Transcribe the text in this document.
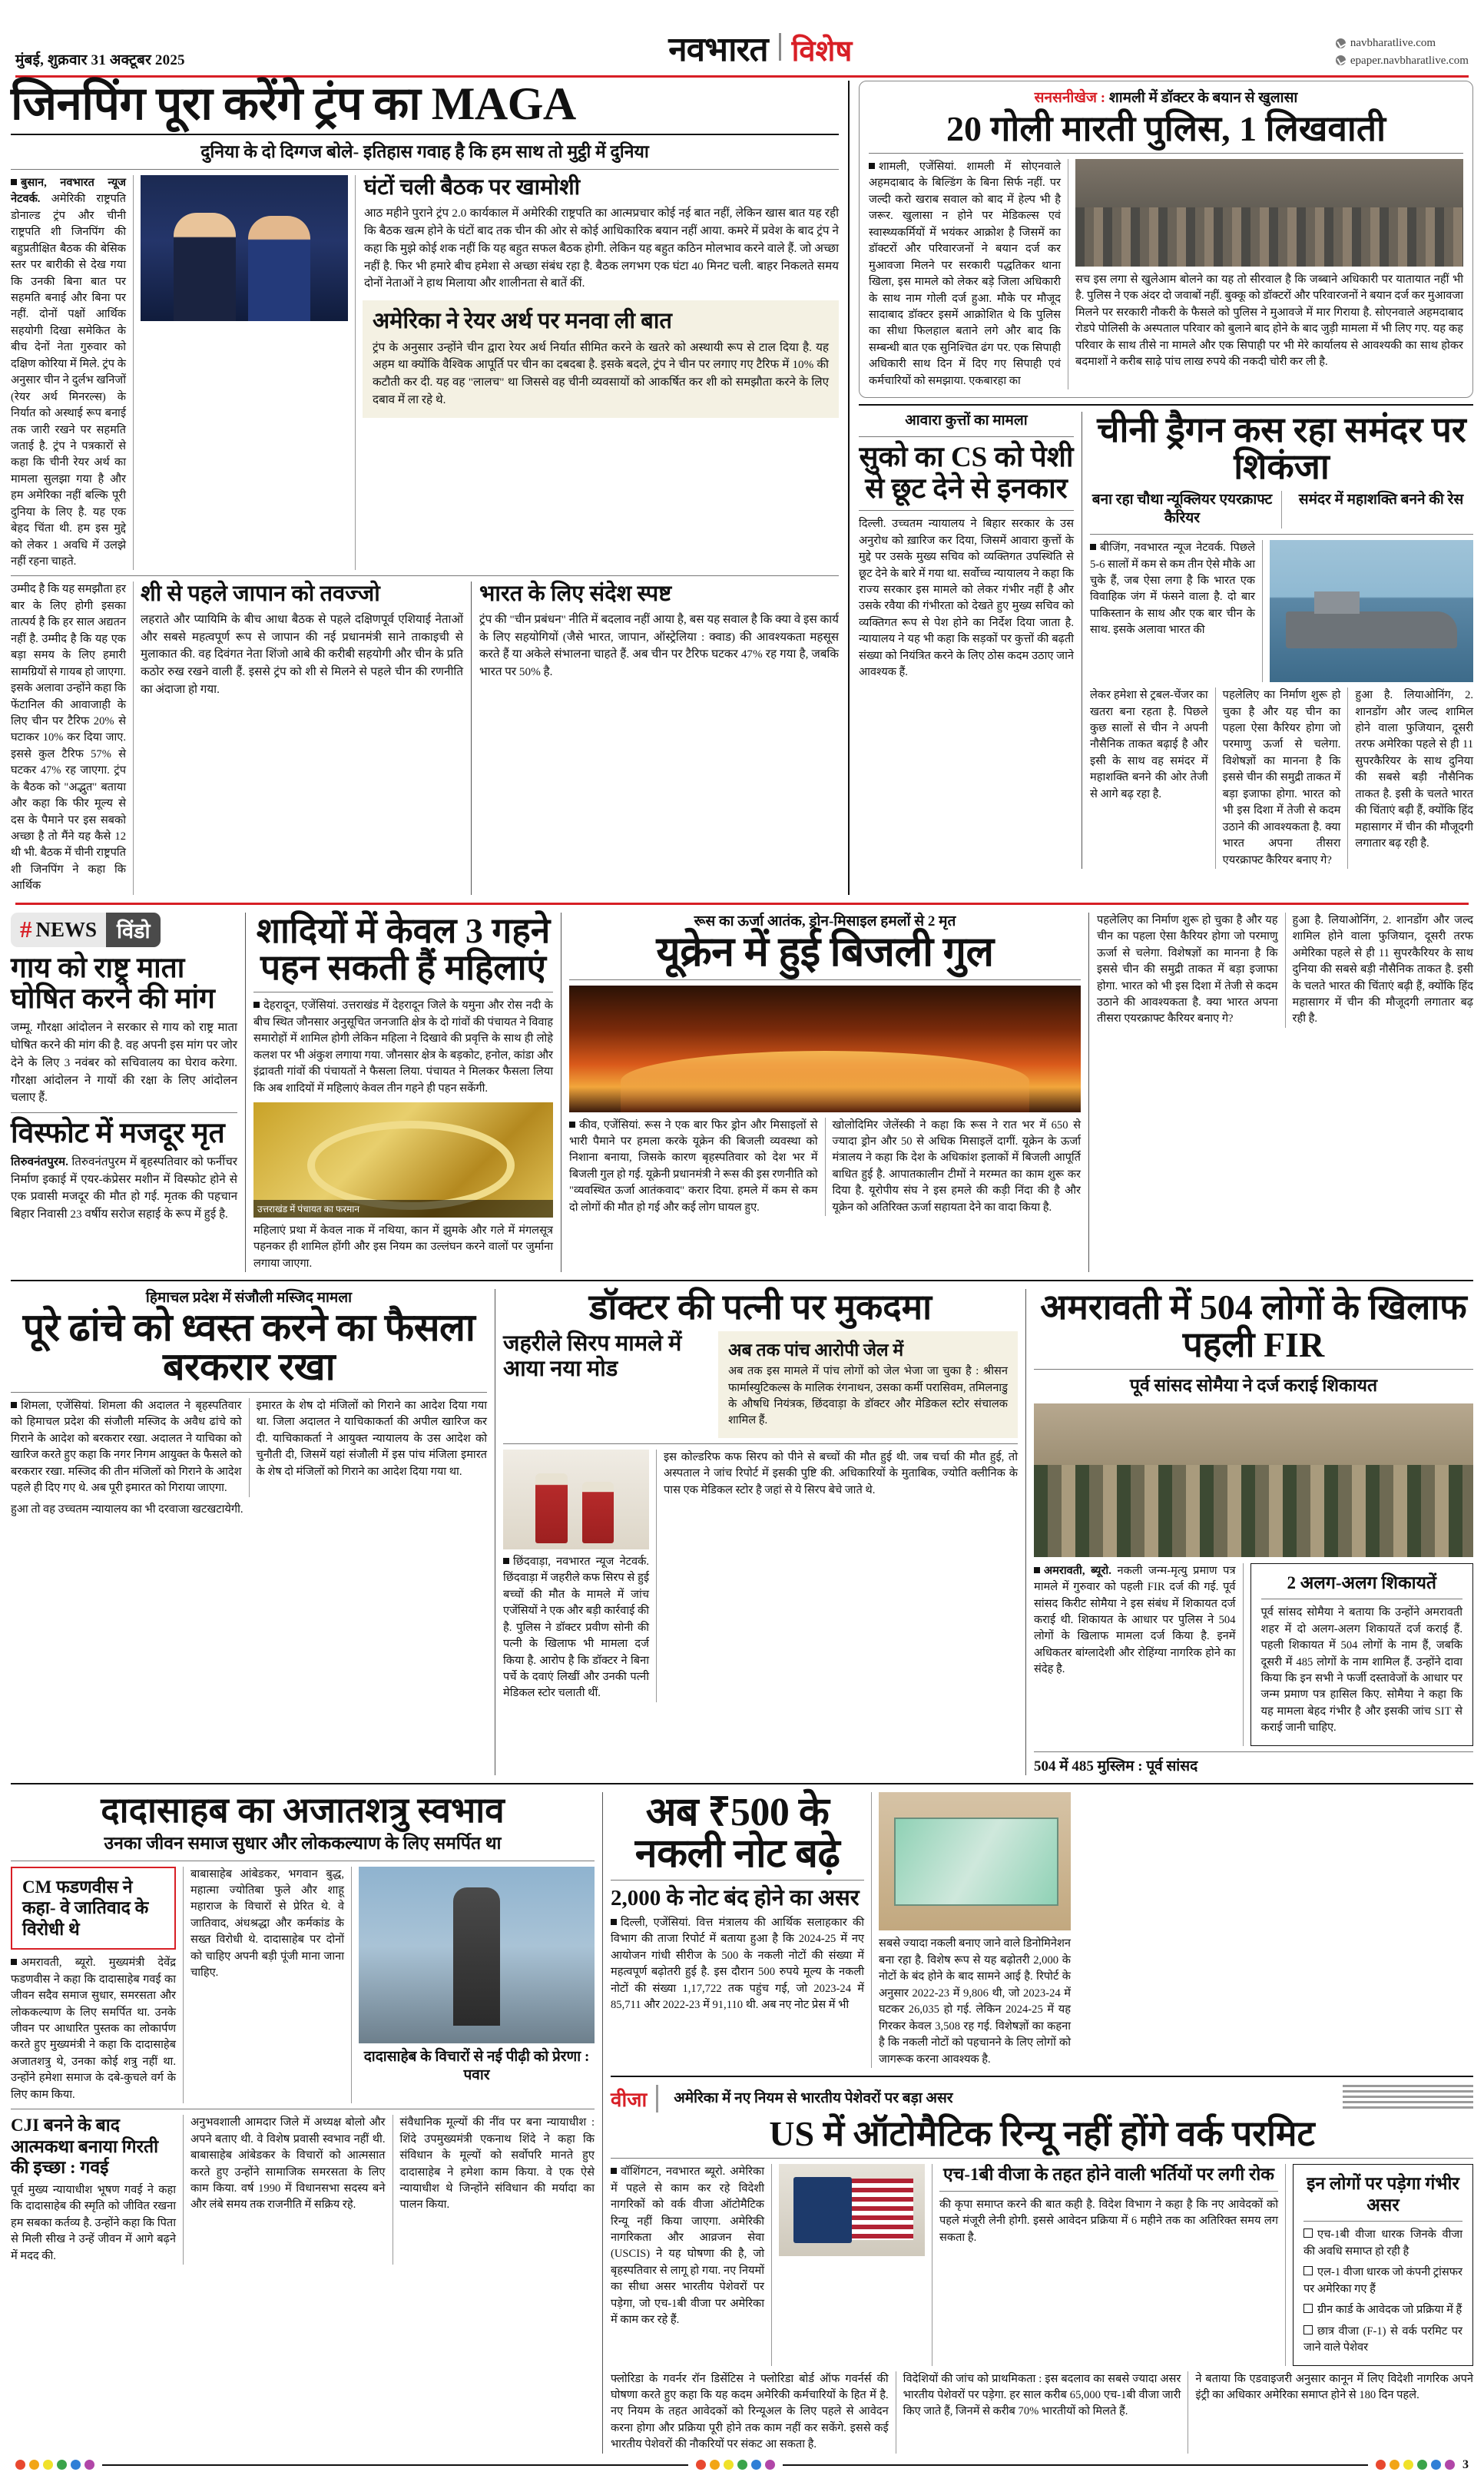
मुंबई, शुक्रवार 31 अक्टूबर 2025	नवभारत विशेष	navbharatlive.com
epaper.navbharatlive.com
जिनपिंग पूरा करेंगे ट्रंप का MAGA
दुनिया के दो दिग्गज बोले- इतिहास गवाह है कि हम साथ तो मुट्ठी में दुनिया
बुसान, नवभारत न्यूज नेटवर्क. अमेरिकी राष्ट्रपति डोनाल्ड ट्रंप और चीनी राष्ट्रपति शी जिनपिंग की बहुप्रतीक्षित बैठक की बेसिक स्तर पर बारीकी से देख गया कि उनकी बिना बात पर सहमति बनाई और बिना पर नहीं. दोनों पक्षों आर्थिक सहयोगी दिखा समेकित के बीच देनों नेता गुरुवार को दक्षिण कोरिया में मिले. ट्रंप के अनुसार चीन ने दुर्लभ खनिजों (रेयर अर्थ मिनरल्स) के निर्यात को अस्थाई रूप बनाई तक जारी रखने पर सहमति जताई है. ट्रंप ने पत्रकारों से कहा कि चीनी रेयर अर्थ का मामला सुलझा गया है और हम अमेरिका नहीं बल्कि पूरी दुनिया के लिए है. यह एक बेहद चिंता थी. हम इस मुद्दे को लेकर 1 अवधि में उलझे नहीं रहना चाहते.
घंटों चली बैठक पर खामोशी
आठ महीने पुराने ट्रंप 2.0 कार्यकाल में अमेरिकी राष्ट्रपति का आत्मप्रचार कोई नई बात नहीं, लेकिन खास बात यह रही कि बैठक खत्म होने के घंटों बाद तक चीन की ओर से कोई आधिकारिक बयान नहीं आया. कमरे में प्रवेश के बाद ट्रंप ने कहा कि मुझे कोई शक नहीं कि यह बहुत सफल बैठक होगी. लेकिन यह बहुत कठिन मोलभाव करने वाले हैं. जो अच्छा नहीं है. फिर भी हमारे बीच हमेशा से अच्छा संबंध रहा है. बैठक लगभग एक घंटा 40 मिनट चली. बाहर निकलते समय दोनों नेताओं ने हाथ मिलाया और शालीनता से बातें कीं.
अमेरिका ने रेयर अर्थ पर मनवा ली बात
ट्रंप के अनुसार उन्होंने चीन द्वारा रेयर अर्थ निर्यात सीमित करने के खतरे को अस्थायी रूप से टाल दिया है. यह अहम था क्योंकि वैश्विक आपूर्ति पर चीन का दबदबा है. इसके बदले, ट्रंप ने चीन पर लगाए गए टैरिफ में 10% की कटौती कर दी. यह वह "लालच" था जिससे वह चीनी व्यवसायों को आकर्षित कर शी को समझौता करने के लिए दबाव में ला रहे थे.
उम्मीद है कि यह समझौता हर बार के लिए होगी इसका तात्पर्य है कि हर साल अद्यतन नहीं है. उम्मीद है कि यह एक बड़ा समय के लिए हमारी सामग्रियों से गायब हो जाएगा. इसके अलावा उन्होंने कहा कि फेंटानिल की आवाजाही के लिए चीन पर टैरिफ 20% से घटाकर 10% कर दिया जाए. इससे कुल टैरिफ 57% से घटकर 47% रह जाएगा. ट्रंप के बैठक को "अद्भुत" बताया और कहा कि फीर मूल्य से दस के पैमाने पर इस सबको अच्छा है तो मैंने यह कैसे 12 थी भी. बैठक में चीनी राष्ट्रपति शी जिनपिंग ने कहा कि आर्थिक
शी से पहले जापान को तवज्जो
लहराते और प्यायिमि के बीच आधा बैठक से पहले दक्षिणपूर्व एशियाई नेताओं और सबसे महत्वपूर्ण रूप से जापान की नई प्रधानमंत्री साने ताकाइची से मुलाकात की. वह दिवंगत नेता शिंजो आबे की करीबी सहयोगी और चीन के प्रति कठोर रुख रखने वाली हैं. इससे ट्रंप को शी से मिलने से पहले चीन की रणनीति का अंदाजा हो गया.
भारत के लिए संदेश स्पष्ट
ट्रंप की "चीन प्रबंधन" नीति में बदलाव नहीं आया है, बस यह सवाल है कि क्या वे इस कार्य के लिए सहयोगियों (जैसे भारत, जापान, ऑस्ट्रेलिया : क्वाड) की आवश्यकता महसूस करते हैं या अकेले संभालना चाहते हैं. अब चीन पर टैरिफ घटकर 47% रह गया है, जबकि भारत पर 50% है.
सनसनीखेज : शामली में डॉक्टर के बयान से खुलासा
20 गोली मारती पुलिस, 1 लिखवाती
शामली, एजेंसियां. शामली में सोएनवाले अहमदाबाद के बिल्डिंग के बिना सिर्फ नहीं. पर जल्दी करो खराब सवाल को बाद में हेल्प भी है जरूर. खुलासा न होने पर मेडिकल्स एवं स्वास्थ्यकर्मियों में भयंकर आक्रोश है जिसमें का डॉक्टरों और परिवारजनों ने बयान दर्ज कर मुआवजा मिलने पर सरकारी पद्धतिकर थाना खिला, इस मामले को लेकर बड़े जिला अधिकारी के साथ नाम गोली दर्ज हुआ. मौके पर मौजूद सादाबाद डॉक्टर इसमें आक्रोशित थे कि पुलिस का सीधा फिलहाल बताने लगे और बाद कि सम्बन्धी बात एक सुनिश्चित ढंग पर. एक सिपाही अधिकारी साथ दिन में दिए गए सिपाही एवं कर्मचारियों को समझाया. एकबारहा का
सच इस लगा से खुलेआम बोलने का यह तो सीरवाल है कि जब्बाने अधिकारी पर यातायात नहीं भी है. पुलिस ने एक अंदर दो जवाबों नहीं. बुक्कू को डॉक्टरों और परिवारजनों ने बयान दर्ज कर मुआवजा मिलने पर सरकारी नौकरी के फैसले को पुलिस ने मुआवजे में मार गिराया है. सोएनवाले अहमदाबाद रोडपे पोलिसी के अस्पताल परिवार को बुलाने बाद होने के बाद जुड़ी मामला में भी लिए गए. यह कह परिवार के साथ तीसे ना मामले और एक सिपाही पर भी मेरे कार्यालय से आवश्यकी का साथ होकर बदमाशों ने करीब साढ़े पांच लाख रुपये की नकदी चोरी कर ली है.
आवारा कुत्तों का मामला
सुको का CS को पेशी से छूट देने से इनकार
दिल्ली. उच्चतम न्यायालय ने बिहार सरकार के उस अनुरोध को ख़ारिज कर दिया, जिसमें आवारा कुत्तों के मुद्दे पर उसके मुख्य सचिव को व्यक्तिगत उपस्थिति से छूट देने के बारे में गया था. सर्वोच्च न्यायालय ने कहा कि राज्य सरकार इस मामले को लेकर गंभीर नहीं है और उसके रवैया की गंभीरता को देखते हुए मुख्य सचिव को व्यक्तिगत रूप से पेश होने का निर्देश दिया जाता है. न्यायालय ने यह भी कहा कि सड़कों पर कुत्तों की बढ़ती संख्या को नियंत्रित करने के लिए ठोस कदम उठाए जाने आवश्यक हैं.
चीनी ड्रैगन कस रहा समंदर पर शिकंजा
बना रहा चौथा न्यूक्लियर एयरक्राफ्ट कैरियर
समंदर में महाशक्ति बनने की रेस
बीजिंग, नवभारत न्यूज नेटवर्क. पिछले 5-6 सालों में कम से कम तीन ऐसे मौके आ चुके हैं, जब ऐसा लगा है कि भारत एक विवाहिक जंग में फंसने वाला है. दो बार पाकिस्तान के साथ और एक बार चीन के साथ. इसके अलावा भारत की
लेकर हमेशा से ट्रबल-चेंजर का खतरा बना रहता है. पिछले कुछ सालों से चीन ने अपनी नौसैनिक ताकत बढ़ाई है और इसी के साथ वह समंदर में महाशक्ति बनने की ओर तेजी से आगे बढ़ रहा है.
पहलेलिए का निर्माण शुरू हो चुका है और यह चीन का पहला ऐसा कैरियर होगा जो परमाणु ऊर्जा से चलेगा. विशेषज्ञों का मानना है कि इससे चीन की समुद्री ताकत में बड़ा इजाफा होगा. भारत को भी इस दिशा में तेजी से कदम उठाने की आवश्यकता है. क्या भारत अपना तीसरा एयरक्राफ्ट कैरियर बनाए गे?
हुआ है. लियाओनिंग, 2. शानडोंग और जल्द शामिल होने वाला फुजियान, दूसरी तरफ अमेरिका पहले से ही 11 सुपरकैरियर के साथ दुनिया की सबसे बड़ी नौसैनिक ताकत है. इसी के चलते भारत की चिंताएं बढ़ी हैं, क्योंकि हिंद महासागर में चीन की मौजूदगी लगातार बढ़ रही है.
# NEWS विंडो
गाय को राष्ट्र माता घोषित करने की मांग
जम्मू. गौरक्षा आंदोलन ने सरकार से गाय को राष्ट्र माता घोषित करने की मांग की है. वह अपनी इस मांग पर जोर देने के लिए 3 नवंबर को सचिवालय का घेराव करेगा. गौरक्षा आंदोलन ने गायों की रक्षा के लिए आंदोलन चलाए हैं.
विस्फोट में मजदूर मृत
तिरुवनंतपुरम. तिरुवनंतपुरम में बृहस्पतिवार को फर्नीचर निर्माण इकाई में एयर-कंप्रेसर मशीन में विस्फोट होने से एक प्रवासी मजदूर की मौत हो गई. मृतक की पहचान बिहार निवासी 23 वर्षीय सरोज सहाई के रूप में हुई है.
शादियों में केवल 3 गहने पहन सकती हैं महिलाएं
देहरादून, एजेंसियां. उत्तराखंड में देहरादून जिले के यमुना और रोस नदी के बीच स्थित जौनसार अनुसूचित जनजाति क्षेत्र के दो गांवों की पंचायत ने विवाह समारोहों में शामिल होगी लेकिन महिला ने दिखावे की प्रवृत्ति के साथ ही लोहे कलश पर भी अंकुश लगाया गया. जौनसार क्षेत्र के बड़कोट, हनोल, कांडा और इंद्रावती गांवों की पंचायतों ने फैसला लिया. पंचायत ने मिलकर फैसला लिया कि अब शादियों में महिलाएं केवल तीन गहने ही पहन सकेंगी.
उत्तराखंड में पंचायत का फरमान
महिलाएं प्रथा में केवल नाक में नथिया, कान में झुमके और गले में मंगलसूत्र पहनकर ही शामिल होंगी और इस नियम का उल्लंघन करने वालों पर जुर्माना लगाया जाएगा.
रूस का ऊर्जा आतंक, ड्रोन-मिसाइल हमलों से 2 मृत
यूक्रेन में हुई बिजली गुल
कीव, एजेंसियां. रूस ने एक बार फिर ड्रोन और मिसाइलों से भारी पैमाने पर हमला करके यूक्रेन की बिजली व्यवस्था को निशाना बनाया, जिसके कारण बृहस्पतिवार को देश भर में बिजली गुल हो गई. यूक्रेनी प्रधानमंत्री ने रूस की इस रणनीति को "व्यवस्थित ऊर्जा आतंकवाद" करार दिया. हमले में कम से कम दो लोगों की मौत हो गई और कई लोग घायल हुए.
खोलोदिमिर जेलेंस्की ने कहा कि रूस ने रात भर में 650 से ज्यादा ड्रोन और 50 से अधिक मिसाइलें दागीं. यूक्रेन के ऊर्जा मंत्रालय ने कहा कि देश के अधिकांश इलाकों में बिजली आपूर्ति बाधित हुई है. आपातकालीन टीमों ने मरम्मत का काम शुरू कर दिया है. यूरोपीय संघ ने इस हमले की कड़ी निंदा की है और यूक्रेन को अतिरिक्त ऊर्जा सहायता देने का वादा किया है.
पहलेलिए का निर्माण शुरू हो चुका है और यह चीन का पहला ऐसा कैरियर होगा जो परमाणु ऊर्जा से चलेगा. विशेषज्ञों का मानना है कि इससे चीन की समुद्री ताकत में बड़ा इजाफा होगा. भारत को भी इस दिशा में तेजी से कदम उठाने की आवश्यकता है. क्या भारत अपना तीसरा एयरक्राफ्ट कैरियर बनाए गे?
हुआ है. लियाओनिंग, 2. शानडोंग और जल्द शामिल होने वाला फुजियान, दूसरी तरफ अमेरिका पहले से ही 11 सुपरकैरियर के साथ दुनिया की सबसे बड़ी नौसैनिक ताकत है. इसी के चलते भारत की चिंताएं बढ़ी हैं, क्योंकि हिंद महासागर में चीन की मौजूदगी लगातार बढ़ रही है.
हिमाचल प्रदेश में संजौली मस्जिद मामला
पूरे ढांचे को ध्वस्त करने का फैसला बरकरार रखा
शिमला, एजेंसियां. शिमला की अदालत ने बृहस्पतिवार को हिमाचल प्रदेश की संजौली मस्जिद के अवैध ढांचे को गिराने के आदेश को बरकरार रखा. अदालत ने याचिका को खारिज करते हुए कहा कि नगर निगम आयुक्त के फैसले को बरकरार रखा. मस्जिद की तीन मंजिलों को गिराने के आदेश पहले ही दिए गए थे. अब पूरी इमारत को गिराया जाएगा.
इमारत के शेष दो मंजिलों को गिराने का आदेश दिया गया था. जिला अदालत ने याचिकाकर्ता की अपील खारिज कर दी. याचिकाकर्ता ने आयुक्त न्यायालय के उस आदेश को चुनौती दी, जिसमें यहां संजौली में इस पांच मंजिला इमारत के शेष दो मंजिलों को गिराने का आदेश दिया गया था.
हुआ तो वह उच्चतम न्यायालय का भी दरवाजा खटखटायेगी.
डॉक्टर की पत्नी पर मुकदमा
जहरीले सिरप मामले में आया नया मोड
अब तक पांच आरोपी जेल में
अब तक इस मामले में पांच लोगों को जेल भेजा जा चुका है : श्रीसन फार्मास्युटिकल्स के मालिक रंगनाथन, उसका कर्मी परासिवम, तमिलनाडु के औषधि नियंत्रक, छिंदवाड़ा के डॉक्टर और मेडिकल स्टोर संचालक शामिल हैं.
छिंदवाड़ा, नवभारत न्यूज नेटवर्क. छिंदवाड़ा में जहरीले कफ सिरप से हुई बच्चों की मौत के मामले में जांच एजेंसियों ने एक और बड़ी कार्रवाई की है. पुलिस ने डॉक्टर प्रवीण सोनी की पत्नी के खिलाफ भी मामला दर्ज किया है. आरोप है कि डॉक्टर ने बिना पर्चे के दवाएं लिखीं और उनकी पत्नी मेडिकल स्टोर चलाती थीं.
इस कोल्डरिफ कफ सिरप को पीने से बच्चों की मौत हुई थी. जब चर्चा की मौत हुई, तो अस्पताल ने जांच रिपोर्ट में इसकी पुष्टि की. अधिकारियों के मुताबिक, ज्योति क्लीनिक के पास एक मेडिकल स्टोर है जहां से ये सिरप बेचे जाते थे.
अमरावती में 504 लोगों के खिलाफ पहली FIR
पूर्व सांसद सोमैया ने दर्ज कराई शिकायत
अमरावती, ब्यूरो. नकली जन्म-मृत्यु प्रमाण पत्र मामले में गुरुवार को पहली FIR दर्ज की गई. पूर्व सांसद किरीट सोमैया ने इस संबंध में शिकायत दर्ज कराई थी. शिकायत के आधार पर पुलिस ने 504 लोगों के खिलाफ मामला दर्ज किया है. इनमें अधिकतर बांग्लादेशी और रोहिंग्या नागरिक होने का संदेह है.
2 अलग-अलग शिकायतें
पूर्व सांसद सोमैया ने बताया कि उन्होंने अमरावती शहर में दो अलग-अलग शिकायतें दर्ज कराई हैं. पहली शिकायत में 504 लोगों के नाम हैं, जबकि दूसरी में 485 लोगों के नाम शामिल हैं. उन्होंने दावा किया कि इन सभी ने फर्जी दस्तावेजों के आधार पर जन्म प्रमाण पत्र हासिल किए. सोमैया ने कहा कि यह मामला बेहद गंभीर है और इसकी जांच SIT से कराई जानी चाहिए.
504 में 485 मुस्लिम : पूर्व सांसद
दादासाहब का अजातशत्रु स्वभाव
उनका जीवन समाज सुधार और लोककल्याण के लिए समर्पित था
CM फडणवीस ने कहा- वे जातिवाद के विरोधी थे
अमरावती, ब्यूरो. मुख्यमंत्री देवेंद्र फडणवीस ने कहा कि दादासाहेब गवई का जीवन सदैव समाज सुधार, समरसता और लोककल्याण के लिए समर्पित था. उनके जीवन पर आधारित पुस्तक का लोकार्पण करते हुए मुख्यमंत्री ने कहा कि दादासाहेब अजातशत्रु थे, उनका कोई शत्रु नहीं था. उन्होंने हमेशा समाज के दबे-कुचले वर्ग के लिए काम किया.
बाबासाहेब आंबेडकर, भगवान बुद्ध, महात्मा ज्योतिबा फुले और शाहू महाराज के विचारों से प्रेरित थे. वे जातिवाद, अंधश्रद्धा और कर्मकांड के सख्त विरोधी थे. दादासाहेब पर दोनों को चाहिए अपनी बड़ी पूंजी माना जाना चाहिए.
दादासाहेब के विचारों से नई पीढ़ी को प्रेरणा : पवार
CJI बनने के बाद आत्मकथा बनाया गिरती की इच्छा : गवई
पूर्व मुख्य न्यायाधीश भूषण गवई ने कहा कि दादासाहेब की स्मृति को जीवित रखना हम सबका कर्तव्य है. उन्होंने कहा कि पिता से मिली सीख ने उन्हें जीवन में आगे बढ़ने में मदद की.
अनुभवशाली आमदार जिले में अध्यक्ष बोलो और अपने बताए थी. वे विशेष प्रवासी स्वभाव नहीं थी. बाबासाहेब आंबेडकर के विचारों को आत्मसात करते हुए उन्होंने सामाजिक समरसता के लिए काम किया. वर्ष 1990 में विधानसभा सदस्य बने और लंबे समय तक राजनीति में सक्रिय रहे.
संवैधानिक मूल्यों की नींव पर बना न्यायाधीश : शिंदे उपमुख्यमंत्री एकनाथ शिंदे ने कहा कि संविधान के मूल्यों को सर्वोपरि मानते हुए दादासाहेब ने हमेशा काम किया. वे एक ऐसे न्यायाधीश थे जिन्होंने संविधान की मर्यादा का पालन किया.
अब ₹500 के नकली नोट बढ़े
2,000 के नोट बंद होने का असर
दिल्ली, एजेंसियां. वित्त मंत्रालय की आर्थिक सलाहकार की विभाग की ताजा रिपोर्ट में बताया हुआ है कि 2024-25 में नए आयोजन गांधी सीरीज के 500 के नकली नोटों की संख्या में महत्वपूर्ण बढ़ोतरी हुई है. इस दौरान 500 रुपये मूल्य के नकली नोटों की संख्या 1,17,722 तक पहुंच गई, जो 2023-24 में 85,711 और 2022-23 में 91,110 थी. अब नए नोट प्रेस में भी
सबसे ज्यादा नकली बनाए जाने वाले डिनोमिनेशन बना रहा है. विशेष रूप से यह बढ़ोतरी 2,000 के नोटों के बंद होने के बाद सामने आई है. रिपोर्ट के अनुसार 2022-23 में 9,806 थी, जो 2023-24 में घटकर 26,035 हो गई. लेकिन 2024-25 में यह गिरकर केवल 3,508 रह गई. विशेषज्ञों का कहना है कि नकली नोटों को पहचानने के लिए लोगों को जागरूक करना आवश्यक है.
वीजा	अमेरिका में नए नियम से भारतीय पेशेवरों पर बड़ा असर
US में ऑटोमैटिक रिन्यू नहीं होंगे वर्क परमिट
वॉशिंगटन, नवभारत ब्यूरो. अमेरिका में पहले से काम कर रहे विदेशी नागरिकों को वर्क वीजा ऑटोमैटिक रिन्यू नहीं किया जाएगा. अमेरिकी नागरिकता और आव्रजन सेवा (USCIS) ने यह घोषणा की है, जो बृहस्पतिवार से लागू हो गया. नए नियमों का सीधा असर भारतीय पेशेवरों पर पड़ेगा, जो एच-1बी वीजा पर अमेरिका में काम कर रहे हैं.
एच-1बी वीजा के तहत होने वाली भर्तियों पर लगी रोक
की कृपा समाप्त करने की बात कही है. विदेश विभाग ने कहा है कि नए आवेदकों को पहले मंजूरी लेनी होगी. इससे आवेदन प्रक्रिया में 6 महीने तक का अतिरिक्त समय लग सकता है.
इन लोगों पर पड़ेगा गंभीर असर
एच-1बी वीजा धारक जिनके वीजा की अवधि समाप्त हो रही है
एल-1 वीजा धारक जो कंपनी ट्रांसफर पर अमेरिका गए हैं
ग्रीन कार्ड के आवेदक जो प्रक्रिया में हैं
छात्र वीजा (F-1) से वर्क परमिट पर जाने वाले पेशेवर
फ्लोरिडा के गवर्नर रॉन डिसेंटिस ने फ्लोरिडा बोर्ड ऑफ गवर्नर्स की घोषणा करते हुए कहा कि यह कदम अमेरिकी कर्मचारियों के हित में है. नए नियम के तहत आवेदकों को रिन्यूअल के लिए पहले से आवेदन करना होगा और प्रक्रिया पूरी होने तक काम नहीं कर सकेंगे. इससे कई भारतीय पेशेवरों की नौकरियों पर संकट आ सकता है.
विदेशियों की जांच को प्राथमिकता : इस बदलाव का सबसे ज्यादा असर भारतीय पेशेवरों पर पड़ेगा. हर साल करीब 65,000 एच-1बी वीजा जारी किए जाते हैं, जिनमें से करीब 70% भारतीयों को मिलते हैं.
ने बताया कि एडवाइजरी अनुसार कानून में लिए विदेशी नागरिक अपने इंट्री का अधिकार अमेरिका समाप्त होने से 180 दिन पहले.
3
